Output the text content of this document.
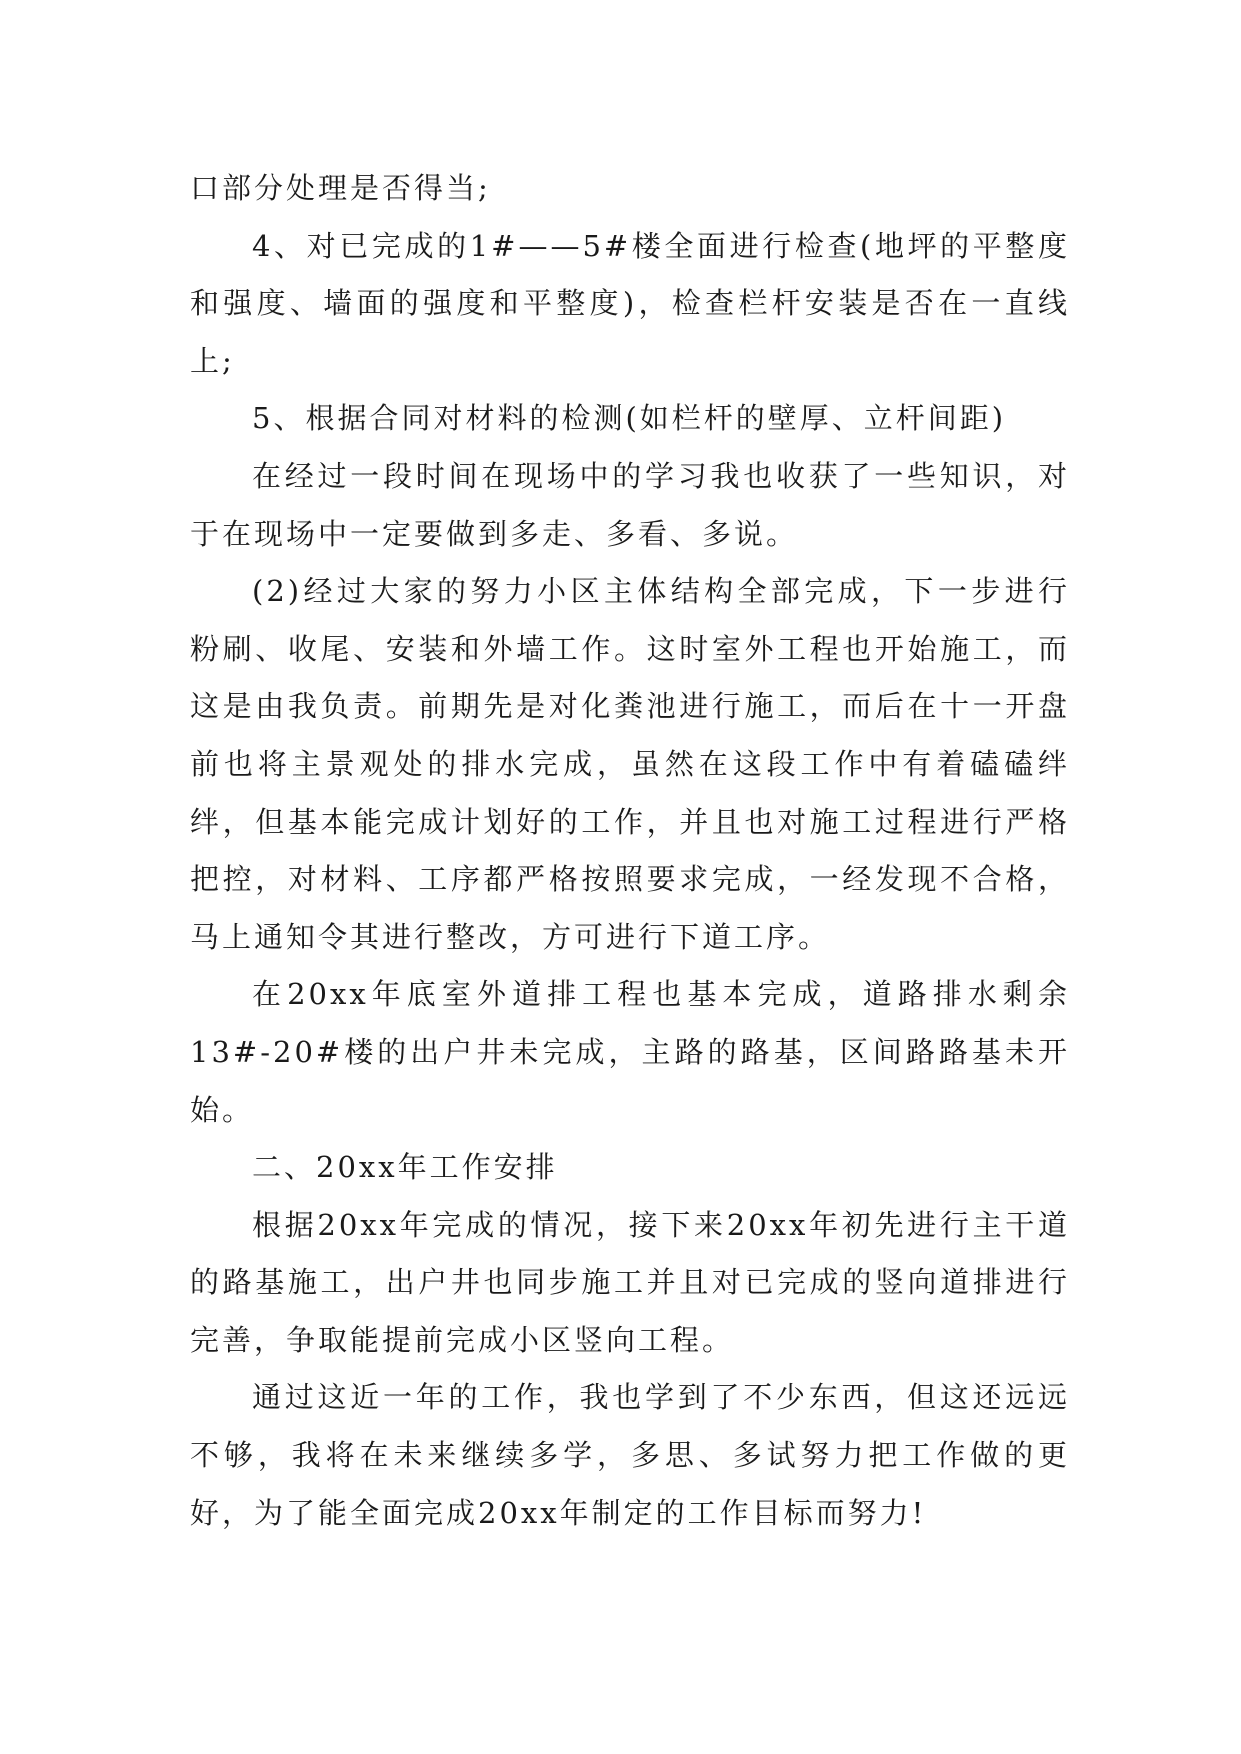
口部分处理是否得当;

4、对已完成的1#——5#楼全面进行检查(地坪的平整度和强度、墙面的强度和平整度)，检查栏杆安装是否在一直线上;

5、根据合同对材料的检测(如栏杆的壁厚、立杆间距)

在经过一段时间在现场中的学习我也收获了一些知识，对于在现场中一定要做到多走、多看、多说。

(2)经过大家的努力小区主体结构全部完成，下一步进行粉刷、收尾、安装和外墙工作。这时室外工程也开始施工，而这是由我负责。前期先是对化粪池进行施工，而后在十一开盘前也将主景观处的排水完成，虽然在这段工作中有着磕磕绊绊，但基本能完成计划好的工作，并且也对施工过程进行严格把控，对材料、工序都严格按照要求完成，一经发现不合格，马上通知令其进行整改，方可进行下道工序。

在20xx年底室外道排工程也基本完成，道路排水剩余13#-20#楼的出户井未完成，主路的路基，区间路路基未开始。

二、20xx年工作安排

根据20xx年完成的情况，接下来20xx年初先进行主干道的路基施工，出户井也同步施工并且对已完成的竖向道排进行完善，争取能提前完成小区竖向工程。

通过这近一年的工作，我也学到了不少东西，但这还远远不够，我将在未来继续多学，多思、多试努力把工作做的更好，为了能全面完成20xx年制定的工作目标而努力!
